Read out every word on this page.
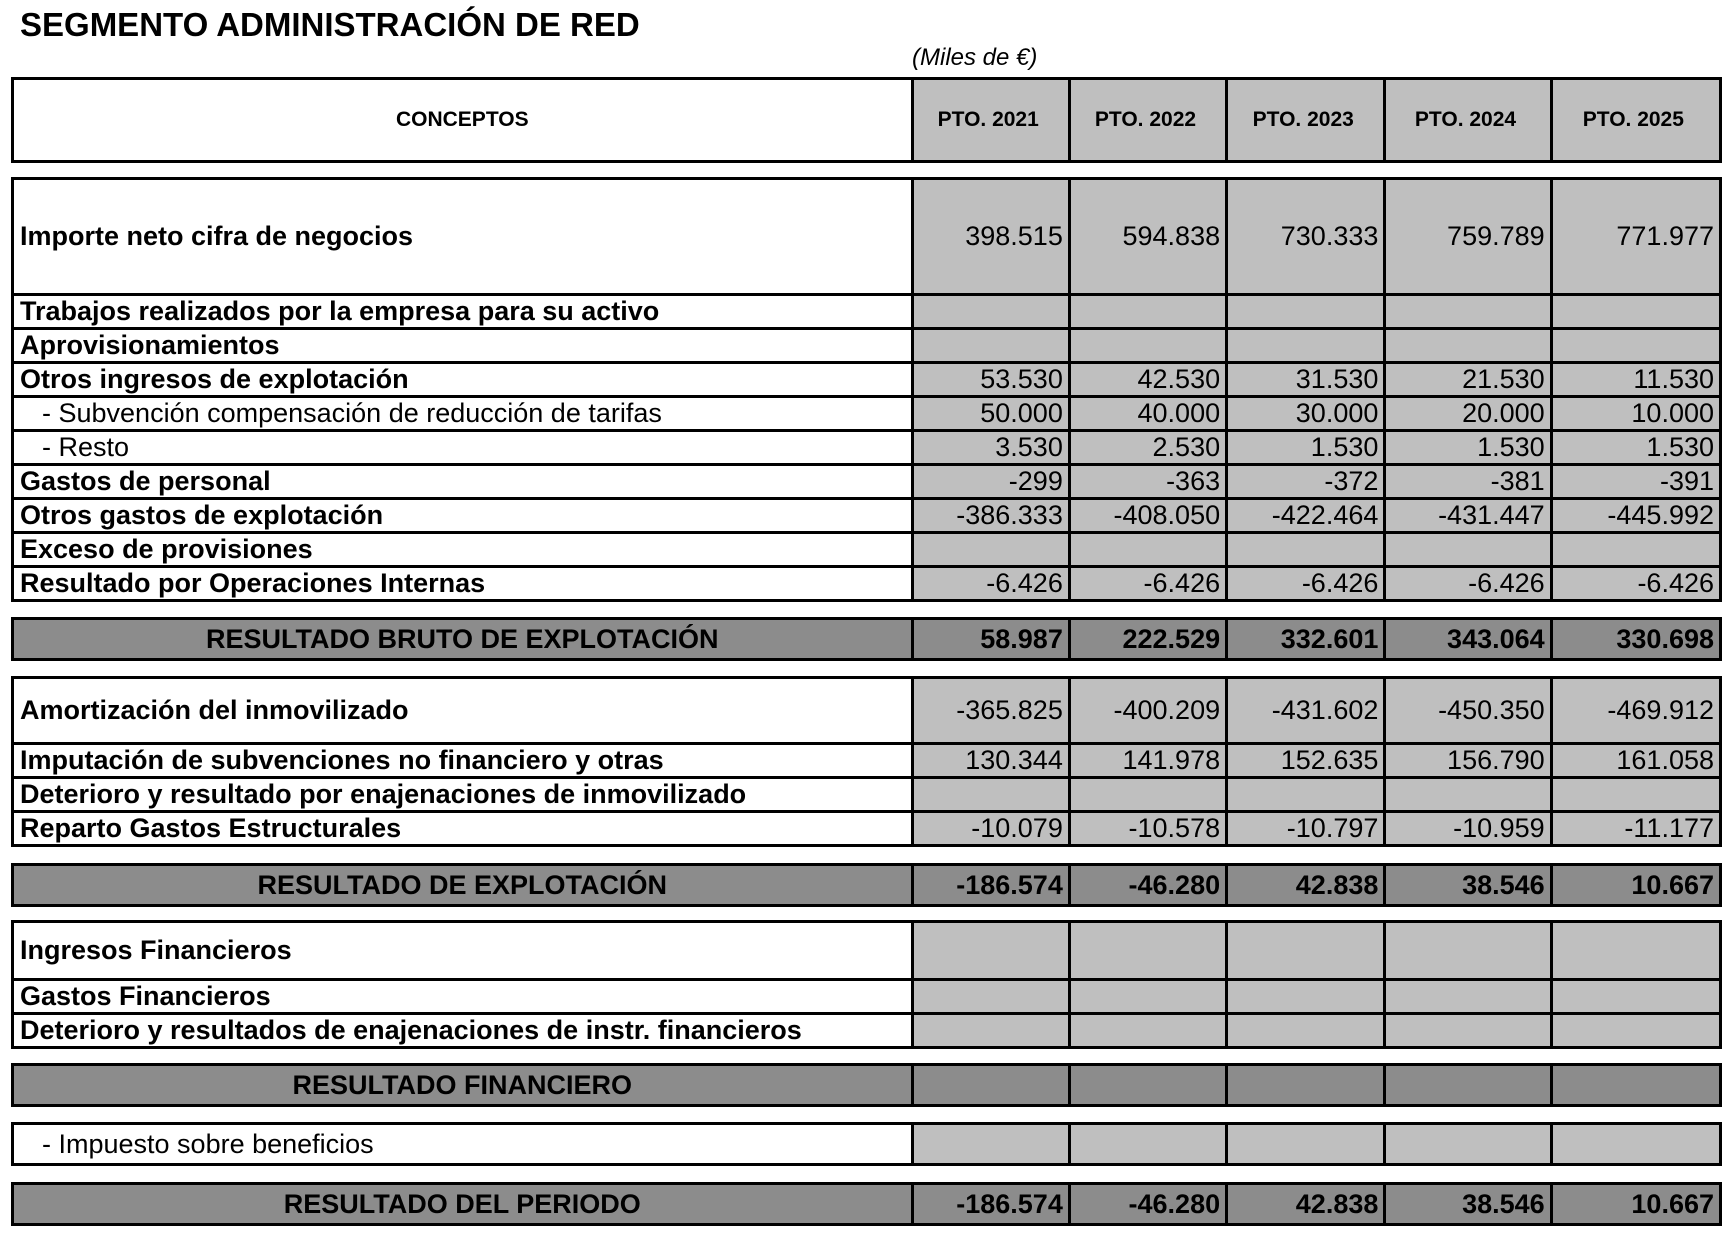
SEGMENTO ADMINISTRACIÓN DE RED
(Miles de €)
CONCEPTOS	PTO. 2021	PTO. 2022	PTO. 2023	PTO. 2024	PTO. 2025
Importe neto cifra de negocios	398.515	594.838	730.333	759.789	771.977
Trabajos realizados por la empresa para su activo					
Aprovisionamientos					
Otros ingresos de explotación	53.530	42.530	31.530	21.530	11.530
- Subvención compensación de reducción de tarifas	50.000	40.000	30.000	20.000	10.000
- Resto	3.530	2.530	1.530	1.530	1.530
Gastos de personal	-299	-363	-372	-381	-391
Otros gastos de explotación	-386.333	-408.050	-422.464	-431.447	-445.992
Exceso de provisiones					
Resultado por Operaciones Internas	-6.426	-6.426	-6.426	-6.426	-6.426
RESULTADO BRUTO DE EXPLOTACIÓN	58.987	222.529	332.601	343.064	330.698
Amortización del inmovilizado	-365.825	-400.209	-431.602	-450.350	-469.912
Imputación de subvenciones no financiero y otras	130.344	141.978	152.635	156.790	161.058
Deterioro y resultado por enajenaciones de inmovilizado					
Reparto Gastos Estructurales	-10.079	-10.578	-10.797	-10.959	-11.177
RESULTADO DE EXPLOTACIÓN	-186.574	-46.280	42.838	38.546	10.667
Ingresos Financieros					
Gastos Financieros					
Deterioro y resultados de enajenaciones de instr. financieros					
RESULTADO FINANCIERO					
- Impuesto sobre beneficios					
RESULTADO DEL PERIODO	-186.574	-46.280	42.838	38.546	10.667
